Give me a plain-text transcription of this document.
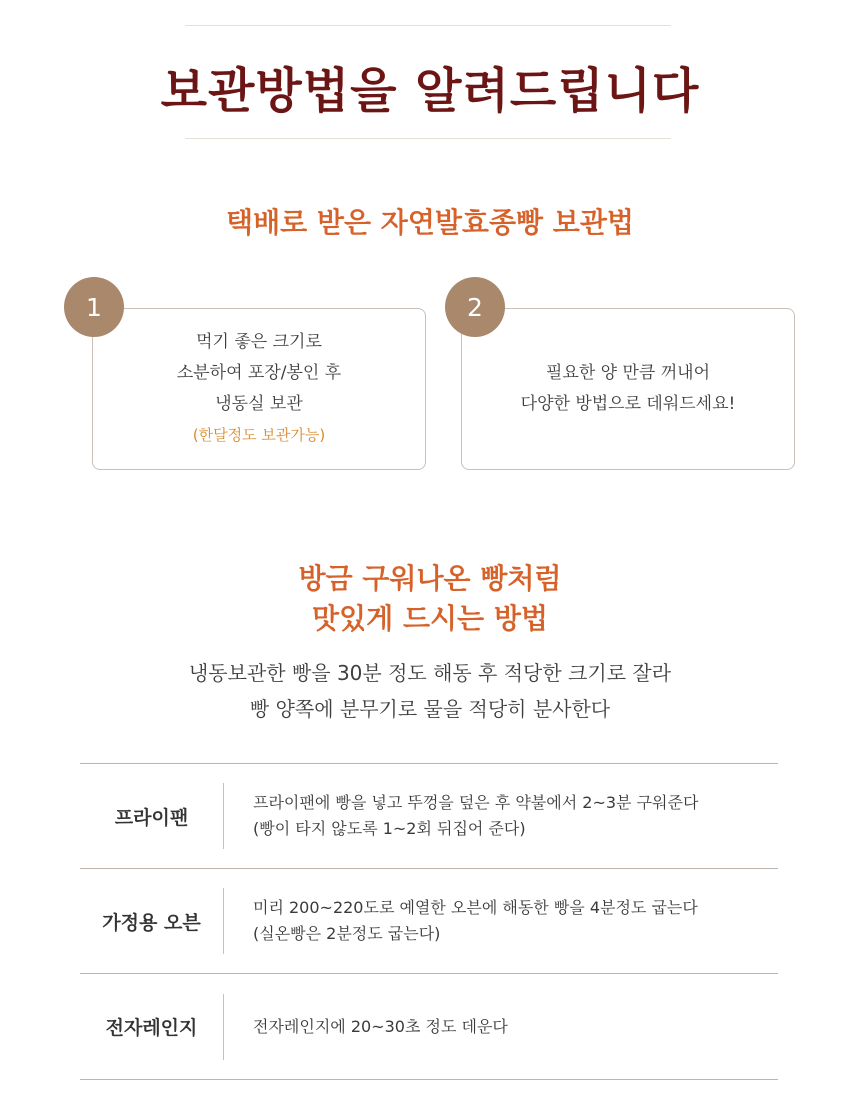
보관방법을 알려드립니다
택배로 받은 자연발효종빵 보관법
먹기 좋은 크기로
소분하여 포장/봉인 후
냉동실 보관
(한달정도 보관가능)
1
필요한 양 만큼 꺼내어
다양한 방법으로 데워드세요!
2
방금 구워나온 빵처럼
맛있게 드시는 방법
냉동보관한 빵을 30분 정도 해동 후 적당한 크기로 잘라
빵 양쪽에 분무기로 물을 적당히 분사한다
프라이팬
프라이팬에 빵을 넣고 뚜껑을 덮은 후 약불에서 2~3분 구워준다
(빵이 타지 않도록 1~2회 뒤집어 준다)
가정용 오븐
미리 200~220도로 예열한 오븐에 해동한 빵을 4분정도 굽는다
(실온빵은 2분정도 굽는다)
전자레인지	전자레인지에 20~30초 정도 데운다
